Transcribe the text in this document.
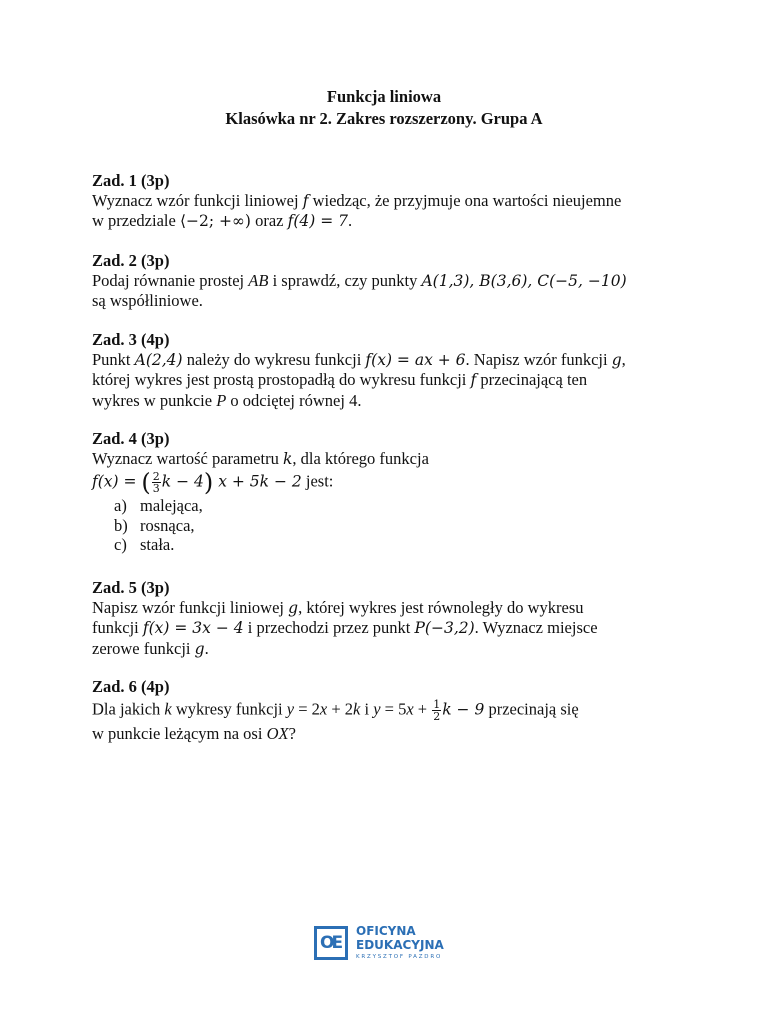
Funkcja liniowa
Klasówka nr 2. Zakres rozszerzony. Grupa A
Zad. 1 (3p)

Wyznacz wzór funkcji liniowej f wiedząc, że przyjmuje ona wartości nieujemne

w przedziale ⟨−2; +∞) oraz f(4) = 7.

Zad. 2 (3p)

Podaj równanie prostej AB i sprawdź, czy punkty A(1,3), B(3,6), C(−5, −10)

są współliniowe.

Zad. 3 (4p)

Punkt A(2,4) należy do wykresu funkcji f(x) = ax + 6. Napisz wzór funkcji g,

której wykres jest prostą prostopadłą do wykresu funkcji f przecinającą ten

wykres w punkcie P o odciętej równej 4.

Zad. 4 (3p)

Wyznacz wartość parametru k, dla którego funkcja

f(x) = ( $\frac{2}{3}$ k − 4) x + 5k − 2 jest:

a) malejąca,
b) rosnąca,
c) stała.
Zad. 5 (3p)

Napisz wzór funkcji liniowej g, której wykres jest równoległy do wykresu

funkcji f(x) = 3x − 4 i przechodzi przez punkt P(−3,2). Wyznacz miejsce

zerowe funkcji g.

Zad. 6 (4p)

Dla jakich k wykresy funkcji y = 2x + 2k i $y = 5x + \frac{1}{2}$ k − 9 przecinają się

w punkcie leżącym na osi OX?

OE
OFICYNA
EDUKACYJNA
KRZYSZTOF PAZDRO
